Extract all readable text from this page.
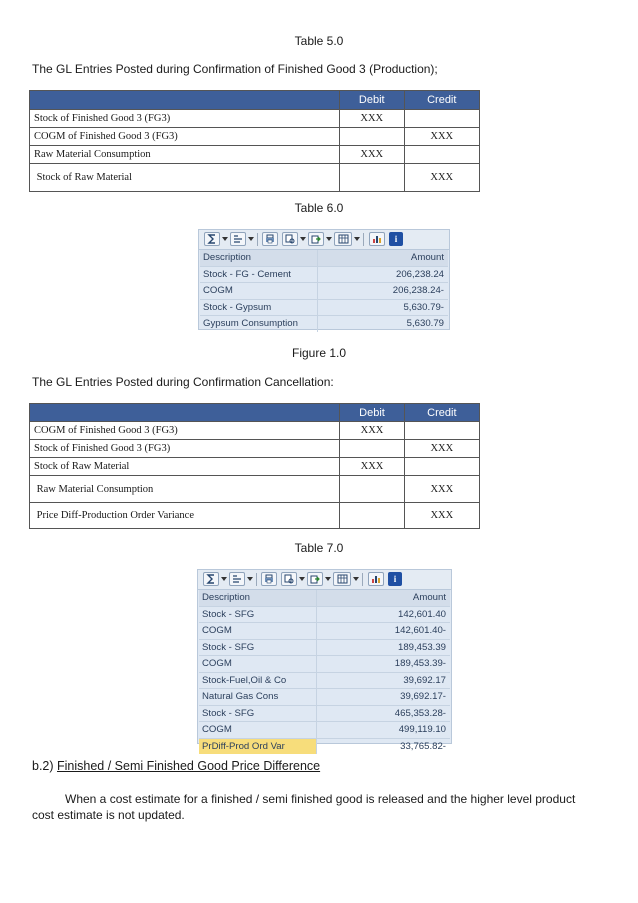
Table 5.0
The GL Entries Posted during Confirmation of Finished Good 3 (Production);
	Debit	Credit
Stock of Finished Good 3 (FG3)	XXX	
COGM of Finished Good 3 (FG3)		XXX
Raw Material Consumption	XXX	
Stock of Raw Material		XXX
Table 6.0
i
Description	Amount
Stock - FG - Cement	206,238.24
COGM	206,238.24-
Stock - Gypsum	5,630.79-
Gypsum Consumption	5,630.79
Figure 1.0
The GL Entries Posted during Confirmation Cancellation:
	Debit	Credit
COGM of Finished Good 3 (FG3)	XXX	
Stock of Finished Good 3 (FG3)		XXX
Stock of Raw Material	XXX	
Raw Material Consumption		XXX
Price Diff-Production Order Variance		XXX
Table 7.0
i
Description	Amount
Stock - SFG	142,601.40
COGM	142,601.40-
Stock - SFG	189,453.39
COGM	189,453.39-
Stock-Fuel,Oil & Co	39,692.17
Natural Gas Cons	39,692.17-
Stock - SFG	465,353.28-
COGM	499,119.10
PrDiff-Prod Ord Var	33,765.82-
b.2) Finished / Semi Finished Good Price Difference
When a cost estimate for a finished / semi finished good is released and the higher level product
cost estimate is not updated.
